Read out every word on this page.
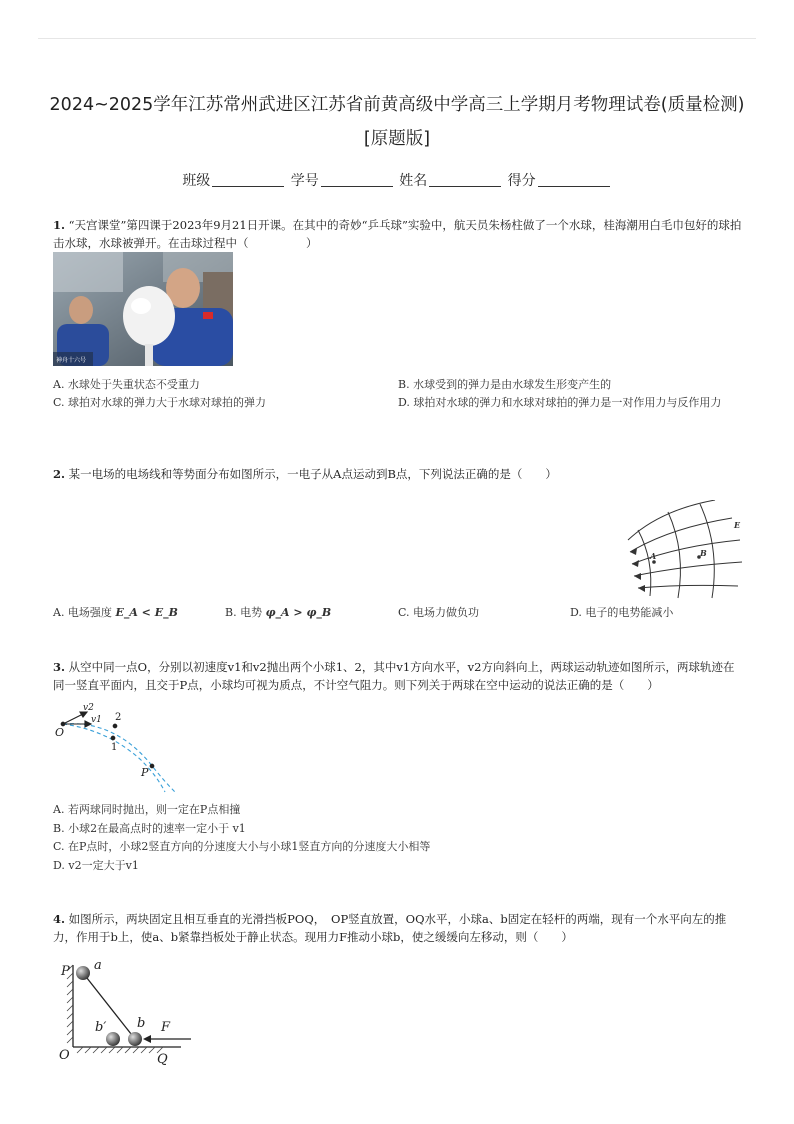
2024~2025学年江苏常州武进区江苏省前黄高级中学高三上学期月考物理试卷(质量检测)[原题版]
班级	学号	姓名	得分
1. “天宫课堂”第四课于2023年9月21日开课。在其中的奇妙“乒乓球”实验中，航天员朱杨柱做了一个水球，桂海潮用白毛巾包好的球拍击水球，水球被弹开。在击球过程中（　　　　　）
神舟十六号
A. 水球处于失重状态不受重力	B. 水球受到的弹力是由水球发生形变产生的
C. 球拍对水球的弹力大于水球对球拍的弹力	D. 球拍对水球的弹力和水球对球拍的弹力是一对作用力与反作用力
2. 某一电场的电场线和等势面分布如图所示，一电子从A点运动到B点，下列说法正确的是（　　）
A	B
E
A. 电场强度 E_A < E_B	B. 电势 φ_A > φ_B	C. 电场力做负功	D. 电子的电势能减小
3. 从空中同一点O，分别以初速度v1和v2抛出两个小球1、2，其中v1方向水平，v2方向斜向上，两球运动轨迹如图所示，两球轨迹在同一竖直平面内，且交于P点，小球均可视为质点，不计空气阻力。则下列关于两球在空中运动的说法正确的是（　　）
O
v1
v2
2
1
P
A. 若两球同时抛出，则一定在P点相撞
B. 小球2在最高点时的速率一定小于 v1
C. 在P点时，小球2竖直方向的分速度大小与小球1竖直方向的分速度大小相等
D. v2一定大于v1
4. 如图所示，两块固定且相互垂直的光滑挡板POQ，　OP竖直放置，OQ水平，小球a、b固定在轻杆的两端，现有一个水平向左的推力，作用于b上，使a、b紧靠挡板处于静止状态。现用力F推动小球b，使之缓缓向左移动，则（　　）
P a
b′ b F
O	Q
